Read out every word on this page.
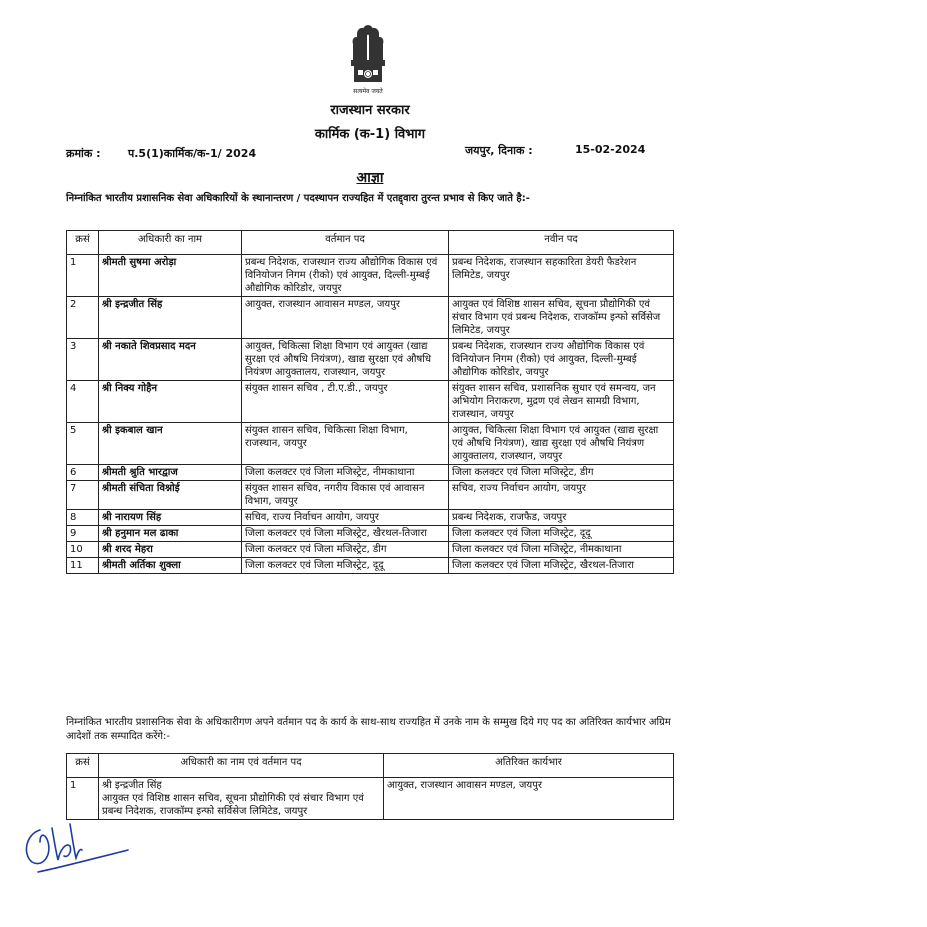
सत्यमेव जयते
राजस्थान सरकार
कार्मिक (क-1) विभाग
क्रमांक : प.5(1)कार्मिक/क-1/ 2024	जयपुर, दिनाक :	15-02-2024
आज्ञा
निम्नांकित भारतीय प्रशासनिक सेवा अधिकारियों के स्थानान्तरण / पदस्थापन राज्यहित में एतद्द्वारा तुरन्त प्रभाव से किए जाते है:-
क्रसं	अधिकारी का नाम	वर्तमान पद	नवीन पद
1	श्रीमती सुषमा अरोड़ा	प्रबन्ध निदेशक, राजस्थान राज्य औद्योगिक विकास एवं विनियोजन निगम (रीको) एवं आयुक्त, दिल्ली-मुम्बई औद्योगिक कोरिडोर, जयपुर	प्रबन्ध निदेशक, राजस्थान सहकारिता डेयरी फैडरेशन लिमिटेड, जयपुर
2	श्री इन्द्रजीत सिंह	आयुक्त, राजस्थान आवासन मण्डल, जयपुर	आयुक्त एवं विशिष्ठ शासन सचिव, सूचना प्रौद्योगिकी एवं संचार विभाग एवं प्रबन्ध निदेशक, राजकॉम्प इन्फो सर्विसेज लिमिटेड, जयपुर
3	श्री नकाते शिवप्रसाद मदन	आयुक्त, चिकित्सा शिक्षा विभाग एवं आयुक्त (खाद्य सुरक्षा एवं औषधि नियंत्रण), खाद्य सुरक्षा एवं औषधि नियंत्रण आयुक्तालय, राजस्थान, जयपुर	प्रबन्ध निदेशक, राजस्थान राज्य औद्योगिक विकास एवं विनियोजन निगम (रीको) एवं आयुक्त, दिल्ली-मुम्बई औद्योगिक कोरिडोर, जयपुर
4	श्री निक्य गोहैन	संयुक्त शासन सचिव , टी.ए.डी., जयपुर	संयुक्त शासन सचिव, प्रशासनिक सुधार एवं समन्वय, जन अभियोग निराकरण, मुद्रण एवं लेखन सामग्री विभाग, राजस्थान, जयपुर
5	श्री इकबाल खान	संयुक्त शासन सचिव, चिकित्सा शिक्षा विभाग, राजस्थान, जयपुर	आयुक्त, चिकित्सा शिक्षा विभाग एवं आयुक्त (खाद्य सुरक्षा एवं औषधि नियंत्रण), खाद्य सुरक्षा एवं औषधि नियंत्रण आयुक्तालय, राजस्थान, जयपुर
6	श्रीमती श्रुति भारद्वाज	जिला कलक्टर एवं जिला मजिस्ट्रेट, नीमकाथाना	जिला कलक्टर एवं जिला मजिस्ट्रेट, डीग
7	श्रीमती संचिता विश्नोई	संयुक्त शासन सचिव, नगरीय विकास एवं आवासन विभाग, जयपुर	सचिव, राज्य निर्वाचन आयोग, जयपुर
8	श्री नारायण सिंह	सचिव, राज्य निर्वाचन आयोग, जयपुर	प्रबन्ध निदेशक, राजफैड, जयपुर
9	श्री हनुमान मल ढाका	जिला कलक्टर एवं जिला मजिस्ट्रेट, खैरथल-तिजारा	जिला कलक्टर एवं जिला मजिस्ट्रेट, दूदू
10	श्री शरद मेहरा	जिला कलक्टर एवं जिला मजिस्ट्रेट, डीग	जिला कलक्टर एवं जिला मजिस्ट्रेट, नीमकाथाना
11	श्रीमती अर्तिका शुक्ला	जिला कलक्टर एवं जिला मजिस्ट्रेट, दूदू	जिला कलक्टर एवं जिला मजिस्ट्रेट, खैरथल-तिजारा
निम्नांकित भारतीय प्रशासनिक सेवा के अधिकारीगण अपने वर्तमान पद के कार्य के साथ-साथ राज्यहित में उनके नाम के सम्मुख दिये गए पद का अतिरिक्त कार्यभार अग्रिम आदेशों तक सम्पादित करेंगे:-
क्रसं	अधिकारी का नाम एवं वर्तमान पद	अतिरिक्त कार्यभार
1	श्री इन्द्रजीत सिंह
आयुक्त एवं विशिष्ठ शासन सचिव, सूचना प्रौद्योगिकी एवं संचार विभाग एवं प्रबन्ध निदेशक, राजकॉम्प इन्फो सर्विसेज लिमिटेड, जयपुर	आयुक्त, राजस्थान आवासन मण्डल, जयपुर
